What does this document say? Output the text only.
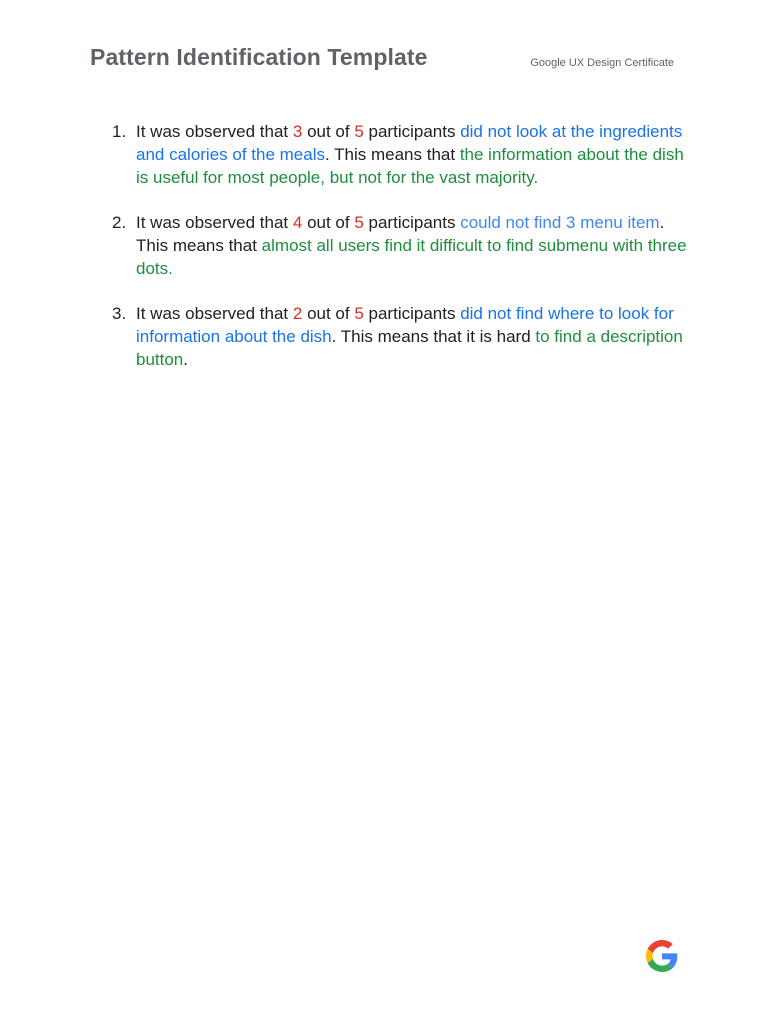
Pattern Identification Template	Google UX Design Certificate
1. It was observed that 3 out of 5 participants did not look at the ingredients and calories of the meals. This means that the information about the dish is useful for most people, but not for the vast majority.
2. It was observed that 4 out of 5 participants could not find 3 menu item. This means that almost all users find it difficult to find submenu with three dots.
3. It was observed that 2 out of 5 participants did not find where to look for information about the dish. This means that it is hard to find a description button.
